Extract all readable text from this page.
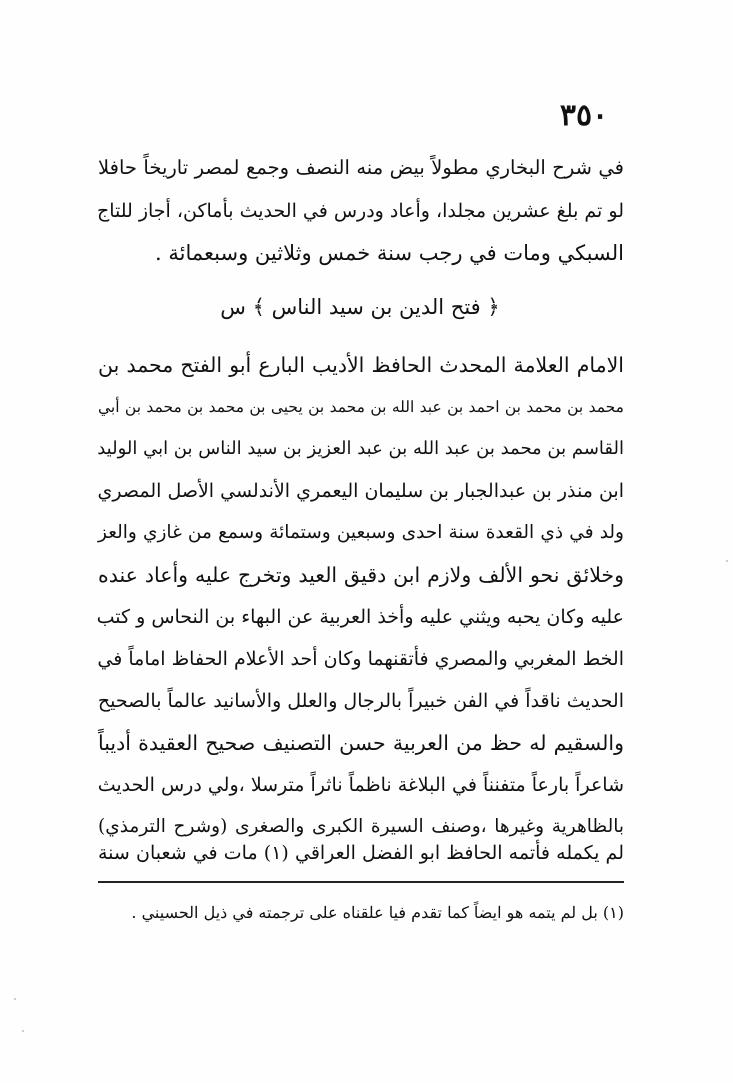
٣٥٠
في شرح البخاري مطولاً بيض منه النصف وجمع لمصر تاريخاً حافلا
لو تم بلغ عشرين مجلدا، وأعاد ودرس في الحديث بأماكن، أجاز للتاج
السبكي ومات في رجب سنة خمس وثلاثين وسبعمائة .
﴿ فتح الدين بن سيد الناس ﴾ س
الامام العلامة المحدث الحافظ الأديب البارع أبو الفتح محمد بن
محمد بن محمد بن احمد بن عبد الله بن محمد بن يحيى بن محمد بن محمد بن أبي
القاسم بن محمد بن عبد الله بن عبد العزيز بن سيد الناس بن ابي الوليد
ابن منذر بن عبدالجبار بن سليمان اليعمري الأندلسي الأصل المصري
ولد في ذي القعدة سنة احدى وسبعين وستمائة وسمع من غازي والعز
وخلائق نحو الألف ولازم ابن دقيق العيد وتخرج عليه وأعاد عنده
عليه وكان يحبه ويثني عليه وأخذ العربية عن البهاء بن النحاس و كتب
الخط المغربي والمصري فأتقنهما وكان أحد الأعلام الحفاظ اماماً في
الحديث ناقداً في الفن خبيراً بالرجال والعلل والأسانيد عالماً بالصحيح
والسقيم له حظ من العربية حسن التصنيف صحيح العقيدة أديباً
شاعراً بارعاً متفنناً في البلاغة ناظماً ناثراً مترسلا ،ولي درس الحديث
بالظاهرية وغيرها ،وصنف السيرة الكبرى والصغرى (وشرح الترمذي)
لم يكمله فأتمه الحافظ ابو الفضل العراقي (١) مات في شعبان سنة
(١) بل لم يتمه هو ايضاً كما تقدم فيا علقناه على ترجمته في ذيل الحسيني .
